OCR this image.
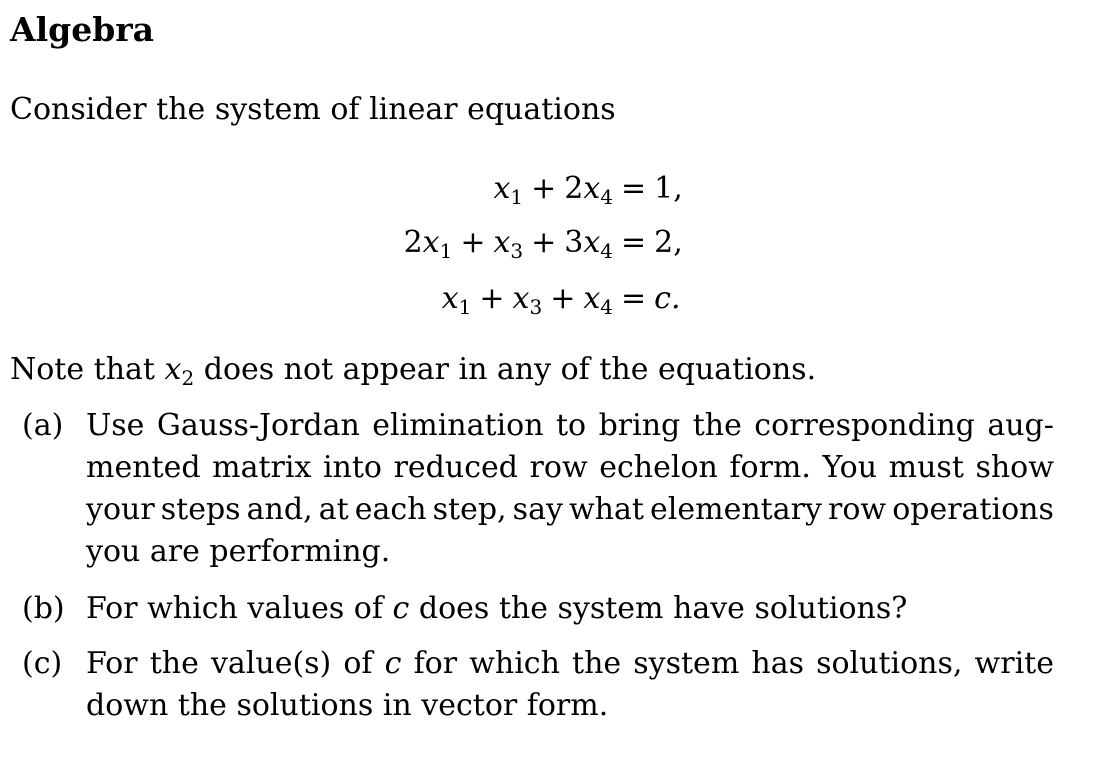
Algebra
Consider the system of linear equations
$x_1 + 2x_4 = 1$,
$2x_1 + x_3 + 3x_4 = 2$,
$x_1 + x_3 + x_4 = c$.
Note that $x_2$ does not appear in any of the equations.
(a) Use Gauss-Jordan elimination to bring the corresponding aug-
mented matrix into reduced row echelon form. You must show
your steps and, at each step, say what elementary row operations
you are performing.
(b) For which values of c does the system have solutions?
(c) For the value(s) of c for which the system has solutions, write
down the solutions in vector form.
